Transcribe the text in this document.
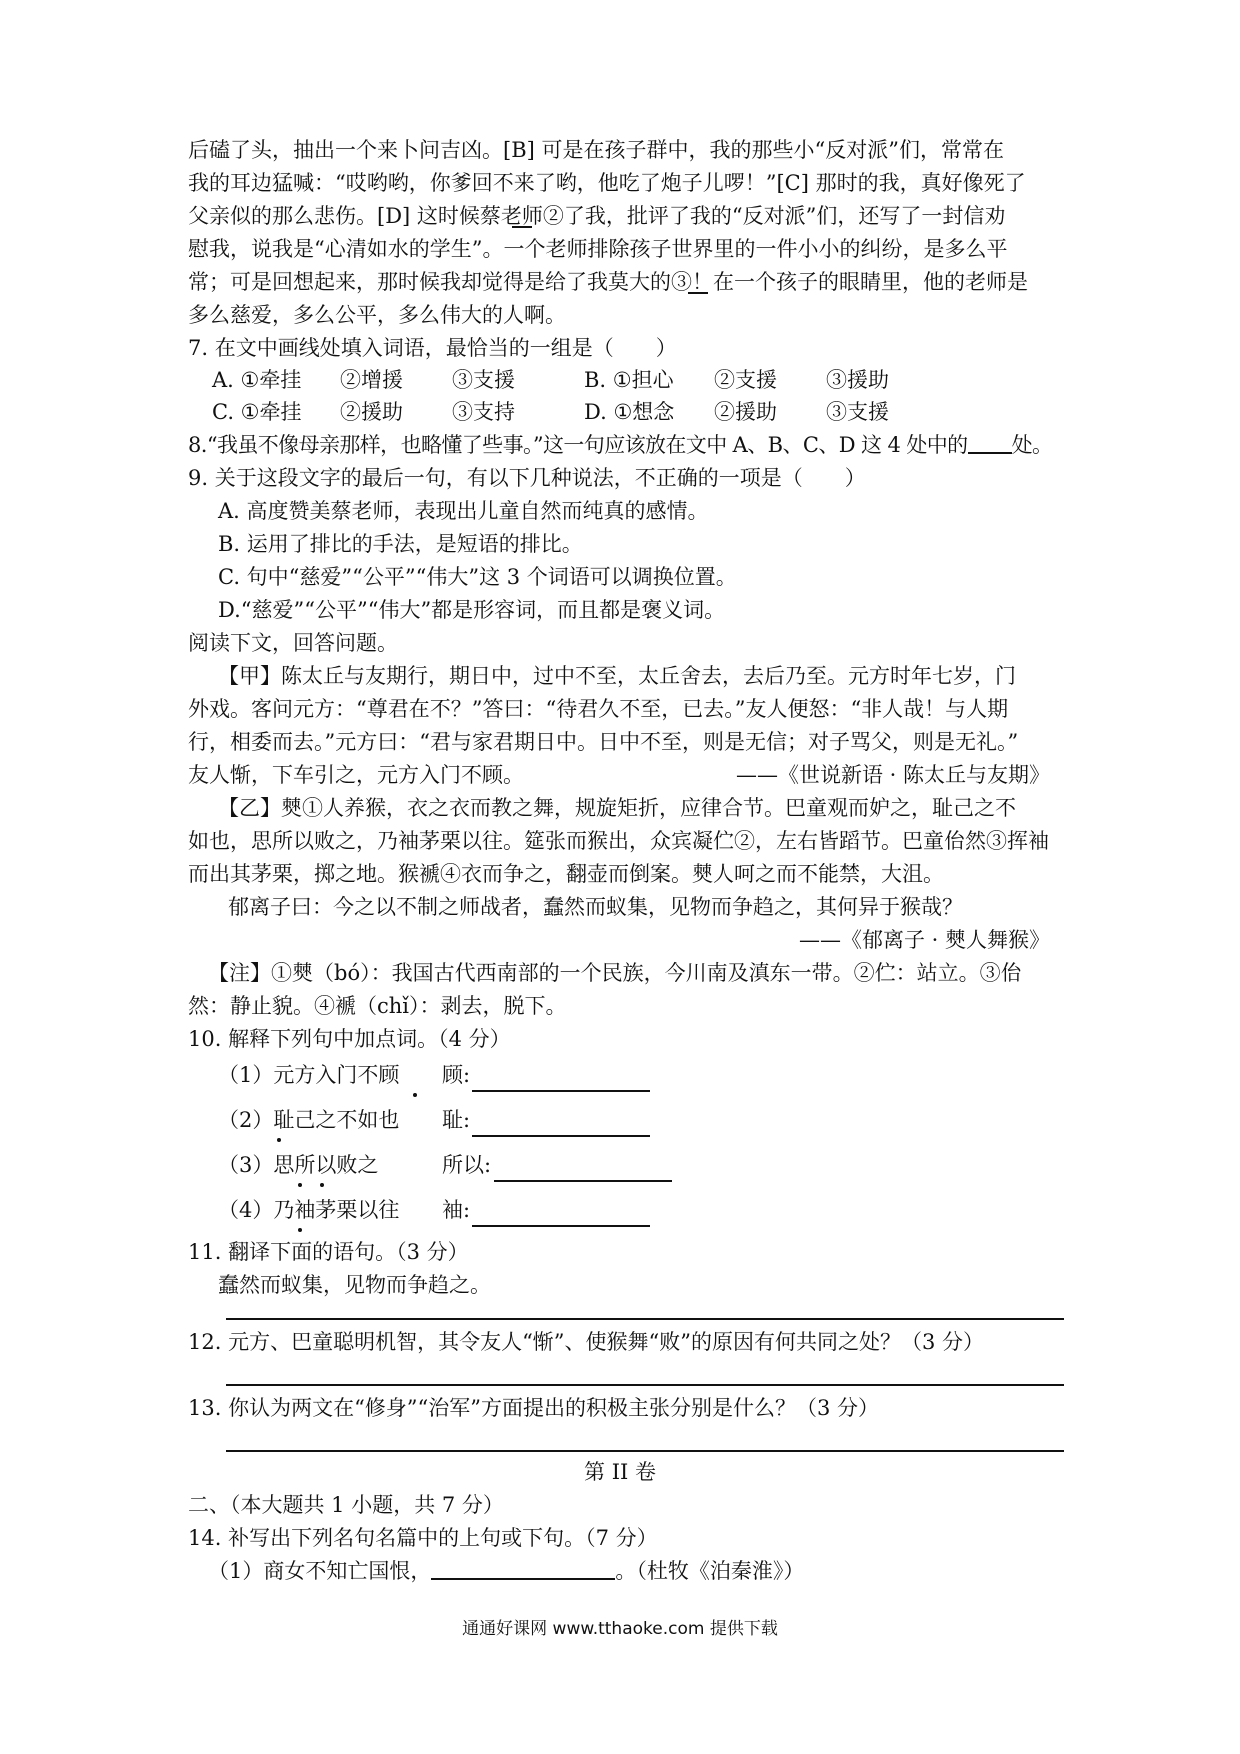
后磕了头，抽出一个来卜问吉凶。[B] 可是在孩子群中，我的那些小“反对派”们，常常在
我的耳边猛喊：“哎哟哟，你爹回不来了哟，他吃了炮子儿啰！”[C] 那时的我，真好像死了
父亲似的那么悲伤。[D] 这时候蔡老师②了我，批评了我的“反对派”们，还写了一封信劝
慰我，说我是“心清如水的学生”。一个老师排除孩子世界里的一件小小的纠纷，是多么平
常；可是回想起来，那时候我却觉得是给了我莫大的③！在一个孩子的眼睛里，他的老师是
多么慈爱，多么公平，多么伟大的人啊。
7. 在文中画线处填入词语，最恰当的一组是（　　）
A. ①牵挂 ②增援 ③支援	B. ①担心 ②支援 ③援助
C. ①牵挂 ②援助 ③支持	D. ①想念 ②援助 ③支援
8.“我虽不像母亲那样，也略懂了些事。”这一句应该放在文中 A、B、C、D 这 4 处中的 处。
9. 关于这段文字的最后一句，有以下几种说法，不正确的一项是（　　）
A. 高度赞美蔡老师，表现出儿童自然而纯真的感情。
B. 运用了排比的手法，是短语的排比。
C. 句中“慈爱”“公平”“伟大”这 3 个词语可以调换位置。
D.“慈爱”“公平”“伟大”都是形容词，而且都是褒义词。
阅读下文，回答问题。
【甲】陈太丘与友期行，期日中，过中不至，太丘舍去，去后乃至。元方时年七岁，门
外戏。客问元方：“尊君在不？”答曰：“待君久不至，已去。”友人便怒：“非人哉！与人期
行，相委而去。”元方曰：“君与家君期日中。日中不至，则是无信；对子骂父，则是无礼。”
友人惭，下车引之，元方入门不顾。	——《世说新语 · 陈太丘与友期》
【乙】僰①人养猴，衣之衣而教之舞，规旋矩折，应律合节。巴童观而妒之，耻己之不
如也，思所以败之，乃袖茅栗以往。筵张而猴出，众宾凝伫②，左右皆蹈节。巴童佁然③挥袖
而出其茅栗，掷之地。猴褫④衣而争之，翻壶而倒案。僰人呵之而不能禁，大沮。
郁离子曰：今之以不制之师战者，蠢然而蚁集，见物而争趋之，其何异于猴哉？
——《郁离子 · 僰人舞猴》
【注】①僰（bó）：我国古代西南部的一个民族，今川南及滇东一带。②伫：站立。③佁
然：静止貌。④褫（chǐ）：剥去，脱下。
10. 解释下列句中加点词。（4 分）
（1）元方入门不顾 顾:
（2）耻己之不如也 耻:
（3）思所以败之	所以:
（4）乃袖茅栗以往 袖:
11. 翻译下面的语句。（3 分）
蠢然而蚁集，见物而争趋之。
12. 元方、巴童聪明机智，其令友人“惭”、使猴舞“败”的原因有何共同之处？（3 分）
13. 你认为两文在“修身”“治军”方面提出的积极主张分别是什么？（3 分）
第 II 卷
二、（本大题共 1 小题，共 7 分）
14. 补写出下列名句名篇中的上句或下句。（7 分）
（1）商女不知亡国恨，	。（杜牧《泊秦淮》）
通通好课网 www.tthaoke.com 提供下载
